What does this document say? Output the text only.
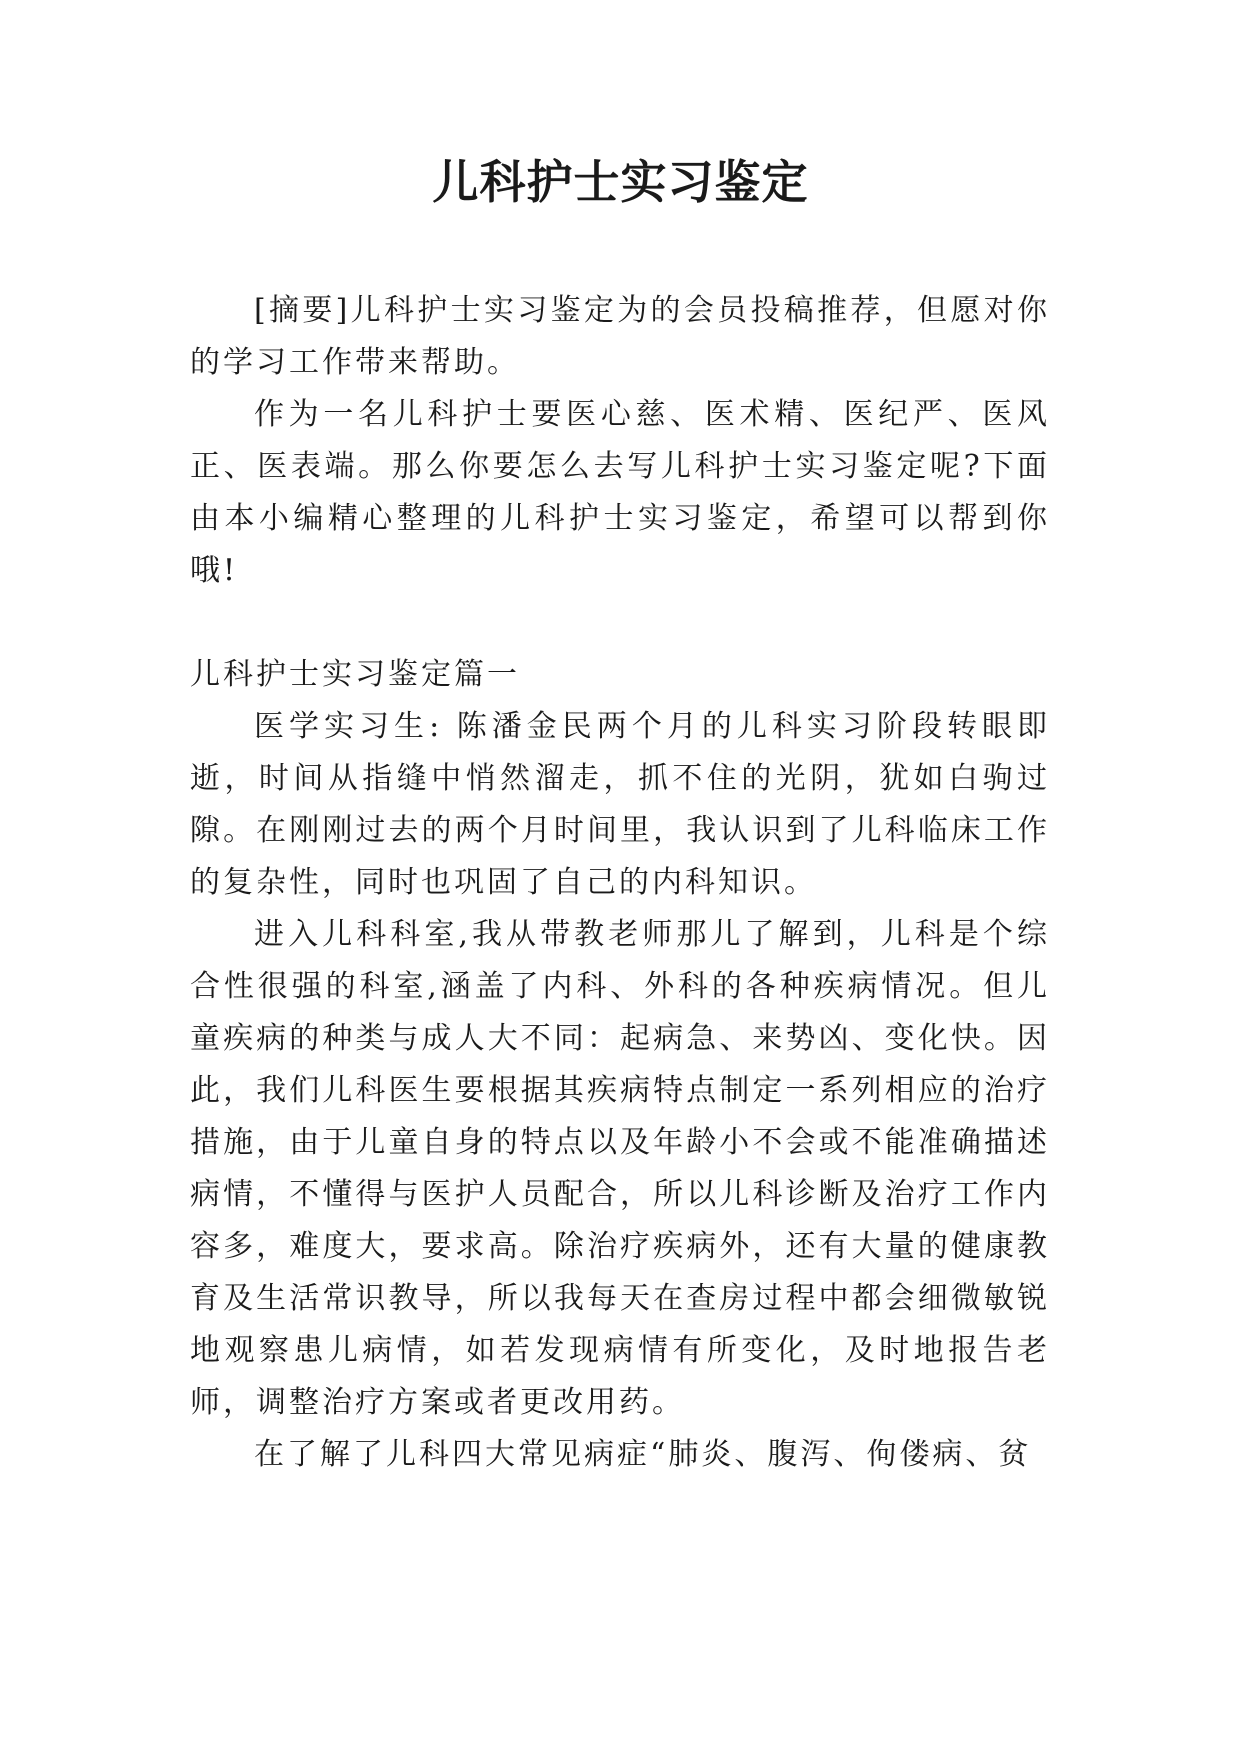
儿科护士实习鉴定

[摘要]儿科护士实习鉴定为的会员投稿推荐，但愿对你的学习工作带来帮助。

作为一名儿科护士要医心慈、医术精、医纪严、医风正、医表端。那么你要怎么去写儿科护士实习鉴定呢?下面由本小编精心整理的儿科护士实习鉴定，希望可以帮到你哦!

儿科护士实习鉴定篇一

医学实习生: 陈潘金民两个月的儿科实习阶段转眼即逝，时间从指缝中悄然溜走，抓不住的光阴，犹如白驹过隙。在刚刚过去的两个月时间里，我认识到了儿科临床工作的复杂性，同时也巩固了自己的内科知识。

进入儿科科室,我从带教老师那儿了解到，儿科是个综合性很强的科室,涵盖了内科、外科的各种疾病情况。但儿童疾病的种类与成人大不同：起病急、来势凶、变化快。因此，我们儿科医生要根据其疾病特点制定一系列相应的治疗措施，由于儿童自身的特点以及年龄小不会或不能准确描述病情，不懂得与医护人员配合，所以儿科诊断及治疗工作内容多，难度大，要求高。除治疗疾病外，还有大量的健康教育及生活常识教导，所以我每天在查房过程中都会细微敏锐地观察患儿病情，如若发现病情有所变化，及时地报告老师，调整治疗方案或者更改用药。

在了解了儿科四大常见病症“肺炎、腹泻、佝偻病、贫
